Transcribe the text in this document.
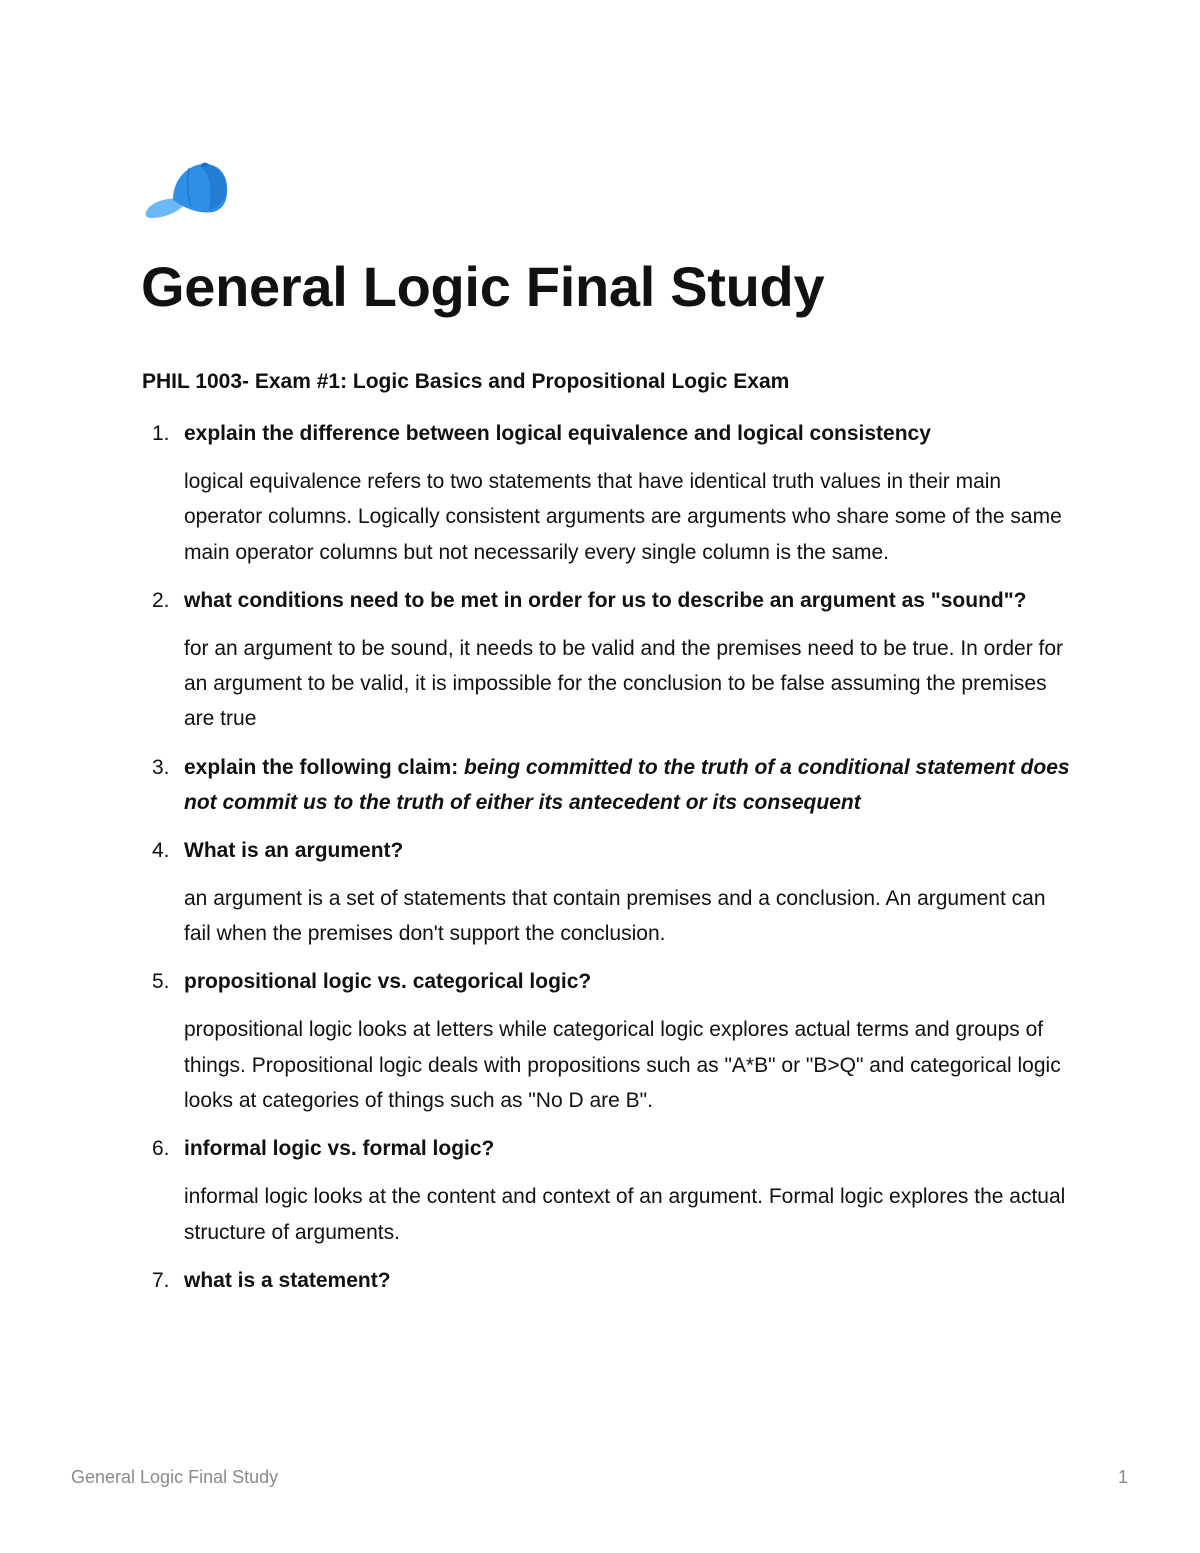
General Logic Final Study

PHIL 1003- Exam #1: Logic Basics and Propositional Logic Exam

1. explain the difference between logical equivalence and logical consistency

logical equivalence refers to two statements that have identical truth values in their main operator columns. Logically consistent arguments are arguments who share some of the same main operator columns but not necessarily every single column is the same.

2. what conditions need to be met in order for us to describe an argument as "sound"?

for an argument to be sound, it needs to be valid and the premises need to be true. In order for an argument to be valid, it is impossible for the conclusion to be false assuming the premises are true

3. explain the following claim: being committed to the truth of a conditional statement does not commit us to the truth of either its antecedent or its consequent

4. What is an argument?

an argument is a set of statements that contain premises and a conclusion. An argument can fail when the premises don't support the conclusion.

5. propositional logic vs. categorical logic?

propositional logic looks at letters while categorical logic explores actual terms and groups of things. Propositional logic deals with propositions such as "A*B" or "B>Q" and categorical logic looks at categories of things such as "No D are B".

6. informal logic vs. formal logic?

informal logic looks at the content and context of an argument. Formal logic explores the actual structure of arguments.

7. what is a statement?

General Logic Final Study	1
